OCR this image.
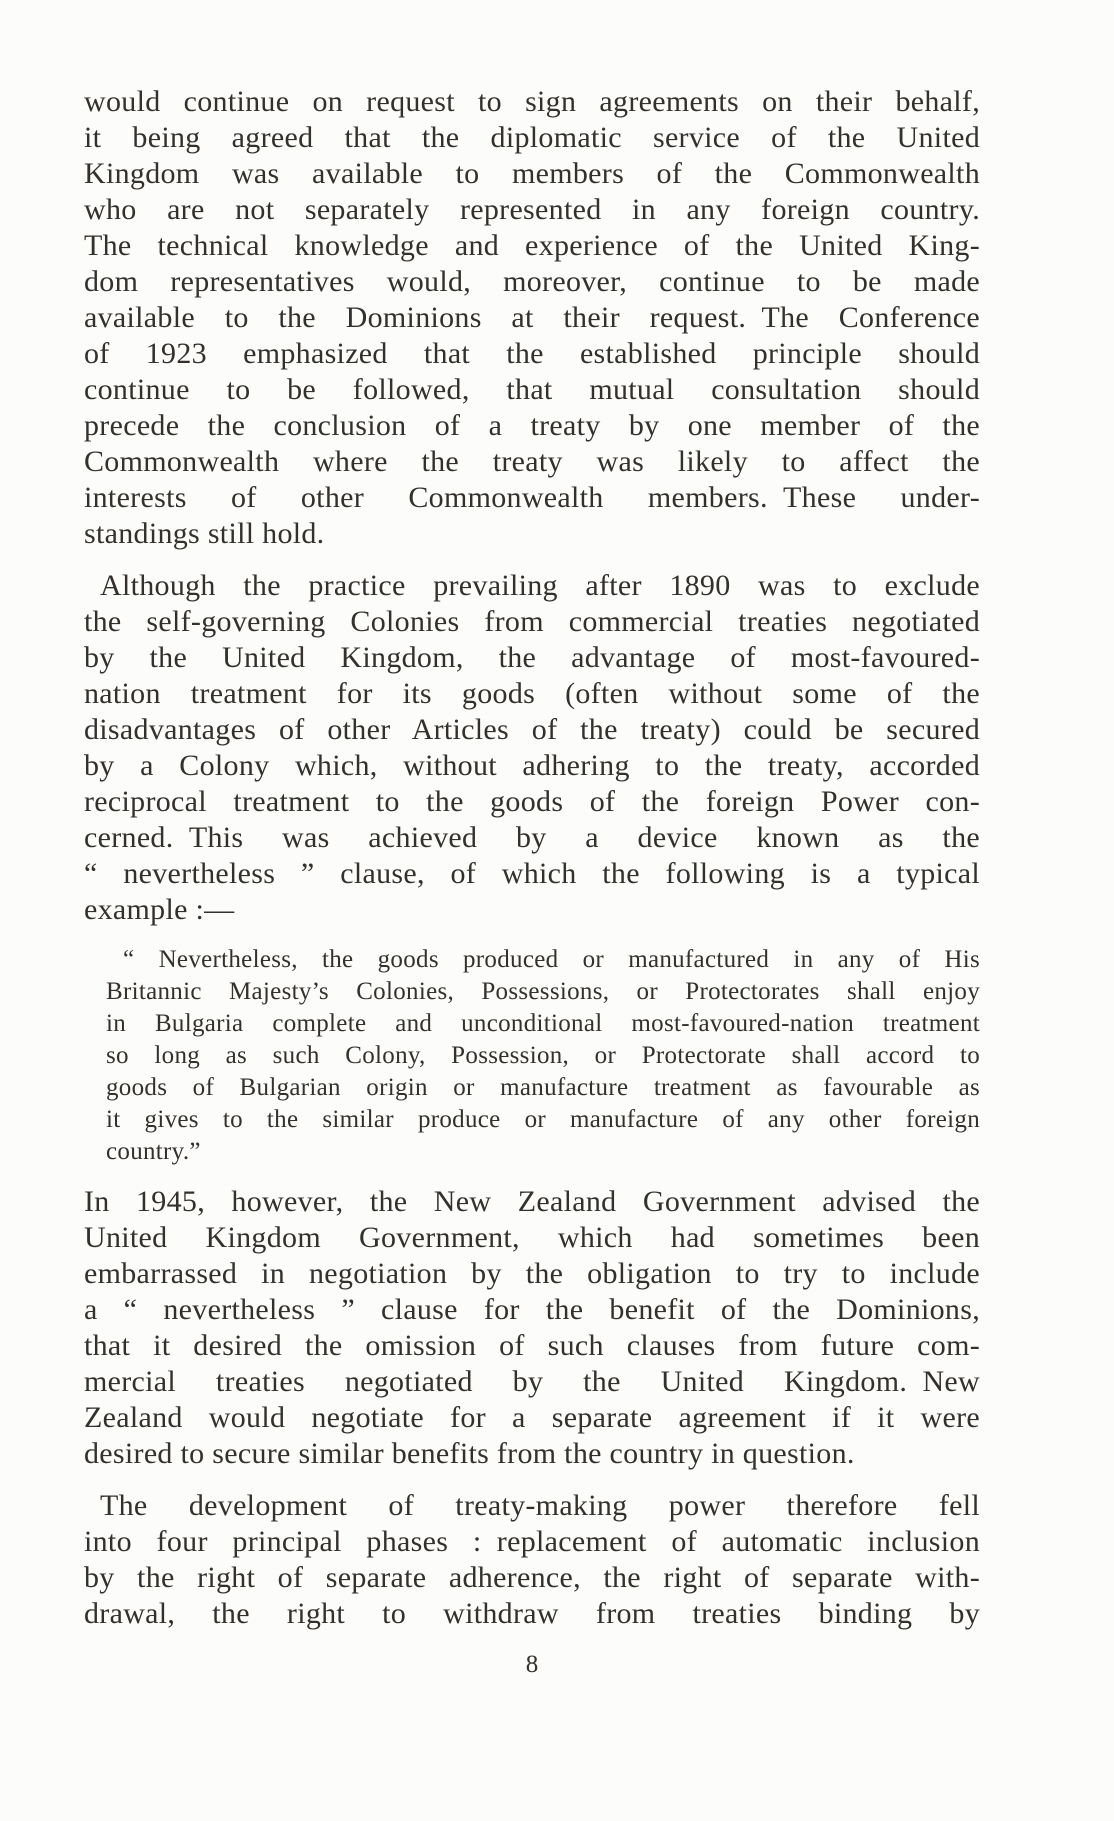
would continue on request to sign agreements on their behalf,
it being agreed that the diplomatic service of the United
Kingdom was available to members of the Commonwealth
who are not separately represented in any foreign country.
The technical knowledge and experience of the United King-
dom representatives would, moreover, continue to be made
available to the Dominions at their request. The Conference
of 1923 emphasized that the established principle should
continue to be followed, that mutual consultation should
precede the conclusion of a treaty by one member of the
Commonwealth where the treaty was likely to affect the
interests of other Commonwealth members. These under-
standings still hold.
Although the practice prevailing after 1890 was to exclude
the self-governing Colonies from commercial treaties negotiated
by the United Kingdom, the advantage of most-favoured-
nation treatment for its goods (often without some of the
disadvantages of other Articles of the treaty) could be secured
by a Colony which, without adhering to the treaty, accorded
reciprocal treatment to the goods of the foreign Power con-
cerned. This was achieved by a device known as the
“ nevertheless ” clause, of which the following is a typical
example :—
“ Nevertheless, the goods produced or manufactured in any of His
Britannic Majesty’s Colonies, Possessions, or Protectorates shall enjoy
in Bulgaria complete and unconditional most-favoured-nation treatment
so long as such Colony, Possession, or Protectorate shall accord to
goods of Bulgarian origin or manufacture treatment as favourable as
it gives to the similar produce or manufacture of any other foreign
country.”
In 1945, however, the New Zealand Government advised the
United Kingdom Government, which had sometimes been
embarrassed in negotiation by the obligation to try to include
a “ nevertheless ” clause for the benefit of the Dominions,
that it desired the omission of such clauses from future com-
mercial treaties negotiated by the United Kingdom. New
Zealand would negotiate for a separate agreement if it were
desired to secure similar benefits from the country in question.
The development of treaty-making power therefore fell
into four principal phases : replacement of automatic inclusion
by the right of separate adherence, the right of separate with-
drawal, the right to withdraw from treaties binding by
8
